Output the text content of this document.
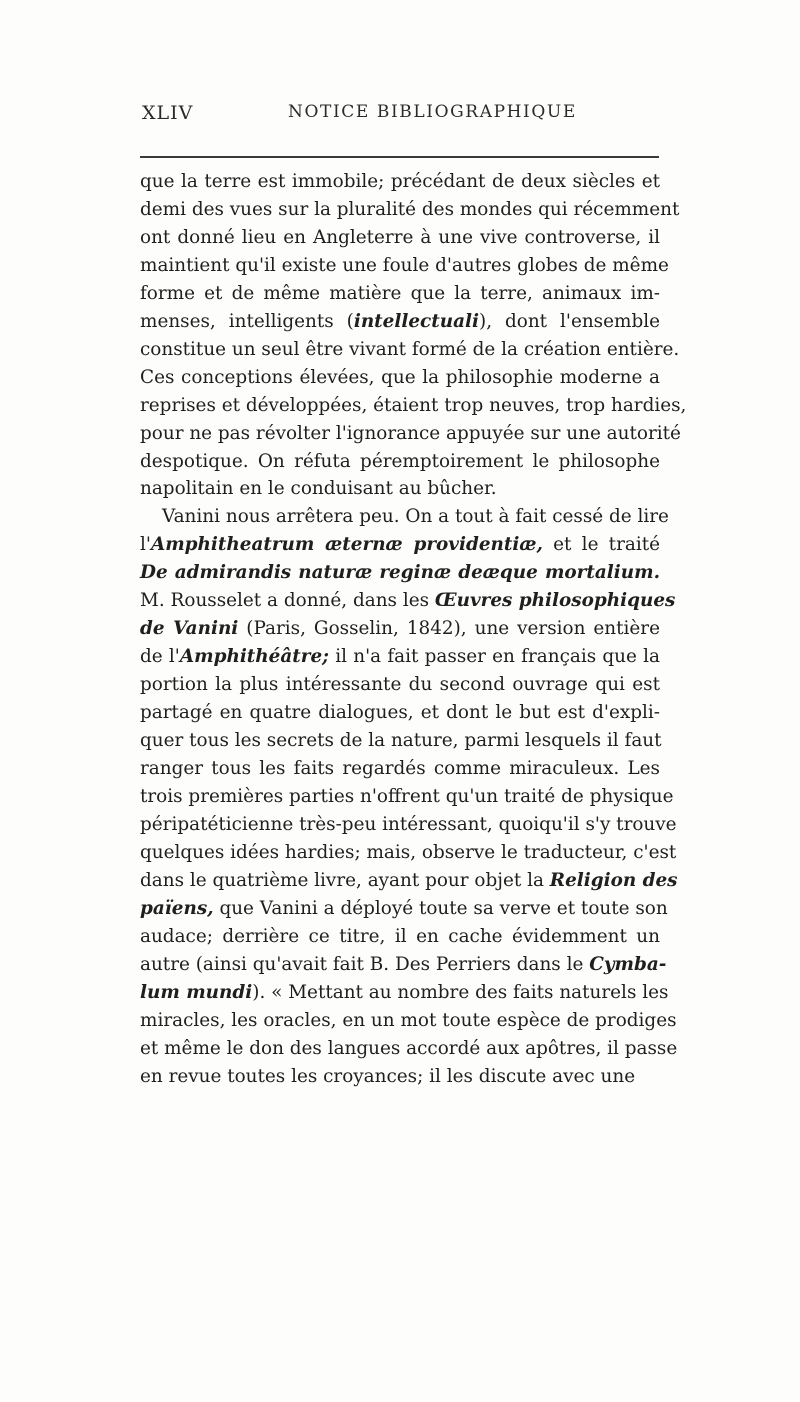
XLIV	NOTICE BIBLIOGRAPHIQUE
que la terre est immobile; précédant de deux siècles et
demi des vues sur la pluralité des mondes qui récemment
ont donné lieu en Angleterre à une vive controverse, il
maintient qu'il existe une foule d'autres globes de même
forme et de même matière que la terre, animaux im-
menses, intelligents (intellectuali), dont l'ensemble
constitue un seul être vivant formé de la création entière.
Ces conceptions élevées, que la philosophie moderne a
reprises et développées, étaient trop neuves, trop hardies,
pour ne pas révolter l'ignorance appuyée sur une autorité
despotique. On réfuta péremptoirement le philosophe
napolitain en le conduisant au bûcher.
Vanini nous arrêtera peu. On a tout à fait cessé de lire
l'Amphitheatrum æternæ providentiæ, et le traité
De admirandis naturæ reginæ deæque mortalium.
M. Rousselet a donné, dans les Œuvres philosophiques
de Vanini (Paris, Gosselin, 1842), une version entière
de l'Amphithéâtre; il n'a fait passer en français que la
portion la plus intéressante du second ouvrage qui est
partagé en quatre dialogues, et dont le but est d'expli-
quer tous les secrets de la nature, parmi lesquels il faut
ranger tous les faits regardés comme miraculeux. Les
trois premières parties n'offrent qu'un traité de physique
péripatéticienne très-peu intéressant, quoiqu'il s'y trouve
quelques idées hardies; mais, observe le traducteur, c'est
dans le quatrième livre, ayant pour objet la Religion des
païens, que Vanini a déployé toute sa verve et toute son
audace; derrière ce titre, il en cache évidemment un
autre (ainsi qu'avait fait B. Des Perriers dans le Cymba-
lum mundi). « Mettant au nombre des faits naturels les
miracles, les oracles, en un mot toute espèce de prodiges
et même le don des langues accordé aux apôtres, il passe
en revue toutes les croyances; il les discute avec une
